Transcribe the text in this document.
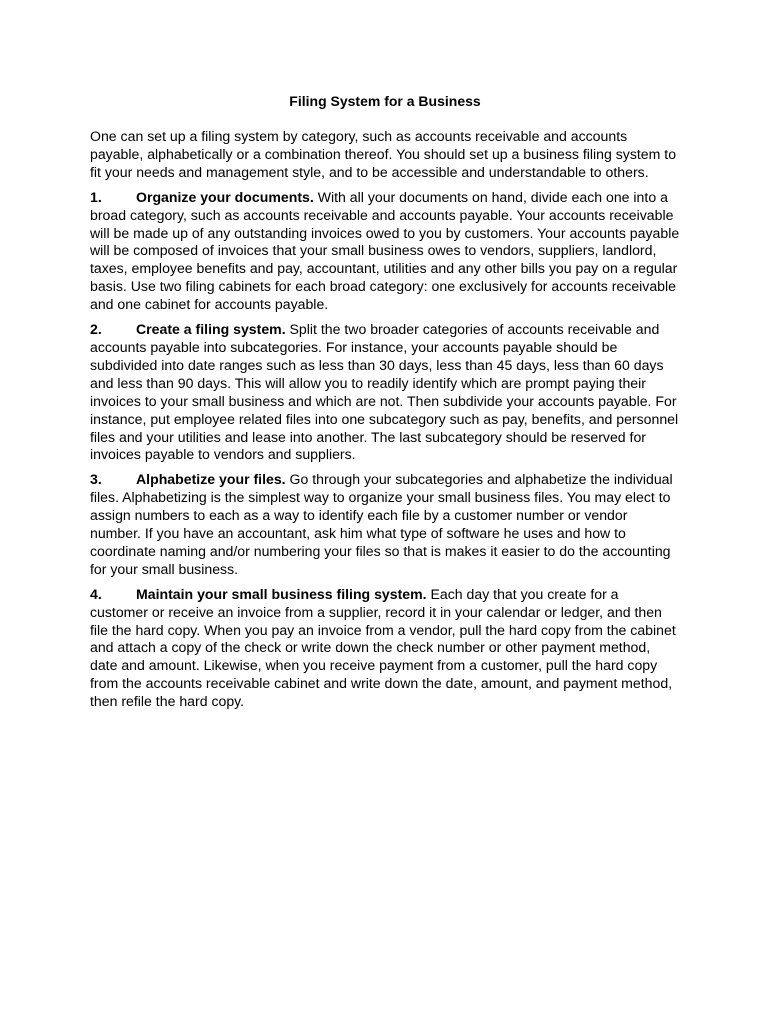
Filing System for a Business

One can set up a filing system by category, such as accounts receivable and accounts payable, alphabetically or a combination thereof. You should set up a business filing system to fit your needs and management style, and to be accessible and understandable to others.

1. Organize your documents. With all your documents on hand, divide each one into a broad category, such as accounts receivable and accounts payable. Your accounts receivable will be made up of any outstanding invoices owed to you by customers. Your accounts payable will be composed of invoices that your small business owes to vendors, suppliers, landlord, taxes, employee benefits and pay, accountant, utilities and any other bills you pay on a regular basis. Use two filing cabinets for each broad category: one exclusively for accounts receivable and one cabinet for accounts payable.

2. Create a filing system. Split the two broader categories of accounts receivable and accounts payable into subcategories. For instance, your accounts payable should be subdivided into date ranges such as less than 30 days, less than 45 days, less than 60 days and less than 90 days. This will allow you to readily identify which are prompt paying their invoices to your small business and which are not. Then subdivide your accounts payable. For instance, put employee related files into one subcategory such as pay, benefits, and personnel files and your utilities and lease into another. The last subcategory should be reserved for invoices payable to vendors and suppliers.

3. Alphabetize your files. Go through your subcategories and alphabetize the individual files. Alphabetizing is the simplest way to organize your small business files. You may elect to assign numbers to each as a way to identify each file by a customer number or vendor number. If you have an accountant, ask him what type of software he uses and how to coordinate naming and/or numbering your files so that is makes it easier to do the accounting for your small business.

4. Maintain your small business filing system. Each day that you create for a customer or receive an invoice from a supplier, record it in your calendar or ledger, and then file the hard copy. When you pay an invoice from a vendor, pull the hard copy from the cabinet and attach a copy of the check or write down the check number or other payment method, date and amount. Likewise, when you receive payment from a customer, pull the hard copy from the accounts receivable cabinet and write down the date, amount, and payment method, then refile the hard copy.
